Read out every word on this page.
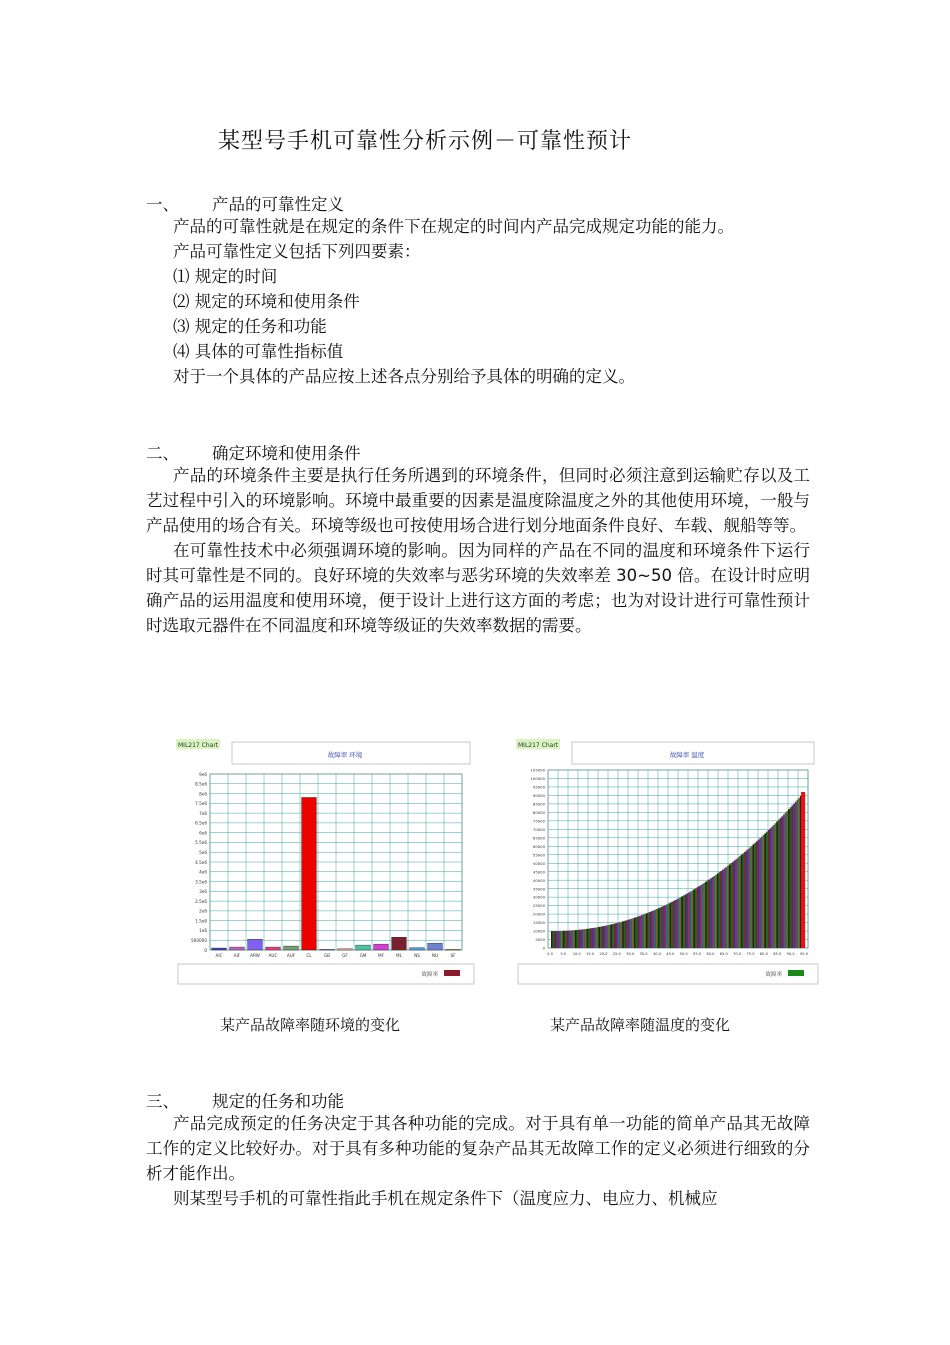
某型号手机可靠性分析示例－可靠性预计
一、 产品的可靠性定义

产品的可靠性就是在规定的条件下在规定的时间内产品完成规定功能的能力。

产品可靠性定义包括下列四要素：

⑴ 规定的时间
⑵ 规定的环境和使用条件
⑶ 规定的任务和功能
⑷ 具体的可靠性指标值

对于一个具体的产品应按上述各点分别给予具体的明确的定义。

二、 确定环境和使用条件

产品的环境条件主要是执行任务所遇到的环境条件，但同时必须注意到运输贮存以及工艺过程中引入的环境影响。环境中最重要的因素是温度除温度之外的其他使用环境，一般与产品使用的场合有关。环境等级也可按使用场合进行划分地面条件良好、车载、舰船等等。

在可靠性技术中必须强调环境的影响。因为同样的产品在不同的温度和环境条件下运行时其可靠性是不同的。良好环境的失效率与恶劣环境的失效率差 30~50 倍。在设计时应明确产品的运用温度和使用环境，便于设计上进行这方面的考虑；也为对设计进行可靠性预计时选取元器件在不同温度和环境等级证的失效率数据的需要。

MIL217 Chart
故障率 环境
故障率
0
500000
1e6
1.5e6
2e6
2.5e6
3e6
3.5e6
4e6
4.5e6
5e6
5.5e6
6e6
6.5e6
7e6
7.5e6
8e6
8.5e6
9e6
AIC	AIF ARW AUC AUF	CL	GB	GF	GM	MF	ML	NS	NU	SF
MIL217 Chart
故障率 温度
故障率
0
5000
10000
15000
20000
25000
30000
35000
40000
45000
50000
55000
60000
65000
70000
75000
80000
85000
90000
95000
100000
105000
0.0 5.0 10.0 15.0 20.0 25.0 30.0 35.0 40.0 45.0 50.0 55.0 60.0 65.0 70.0 75.0 80.0 85.0 90.0 95.0
某产品故障率随环境的变化	某产品故障率随温度的变化
三、 规定的任务和功能

产品完成预定的任务决定于其各种功能的完成。对于具有单一功能的简单产品其无故障工作的定义比较好办。对于具有多种功能的复杂产品其无故障工作的定义必须进行细致的分析才能作出。

则某型号手机的可靠性指此手机在规定条件下（温度应力、电应力、机械应
